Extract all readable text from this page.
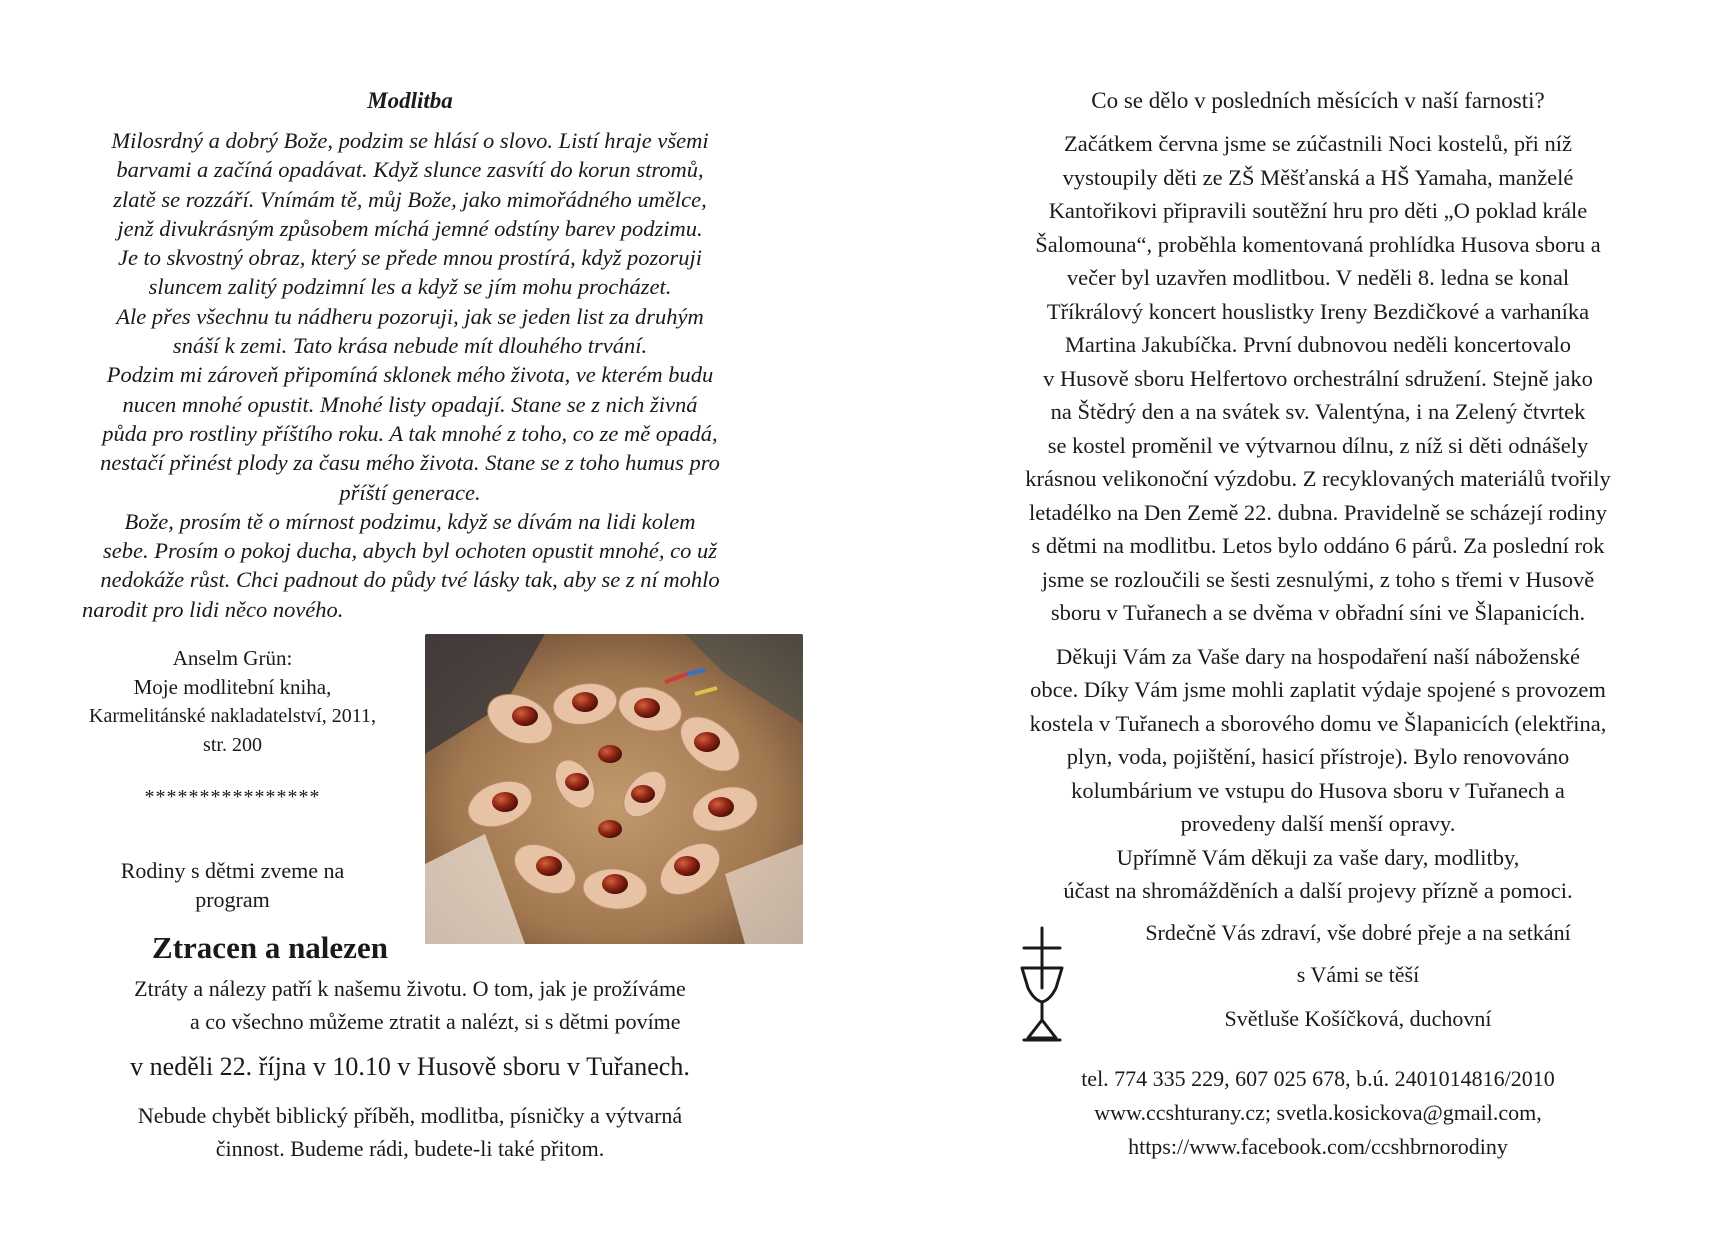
Modlitba
Milosrdný a dobrý Bože, podzim se hlásí o slovo. Listí hraje všemi
barvami a začíná opadávat. Když slunce zasvítí do korun stromů,
zlatě se rozzáří. Vnímám tě, můj Bože, jako mimořádného umělce,
jenž divukrásným způsobem míchá jemné odstíny barev podzimu.
Je to skvostný obraz, který se přede mnou prostírá, když pozoruji
sluncem zalitý podzimní les a když se jím mohu procházet.
Ale přes všechnu tu nádheru pozoruji, jak se jeden list za druhým
snáší k zemi. Tato krása nebude mít dlouhého trvání.
Podzim mi zároveň připomíná sklonek mého života, ve kterém budu
nucen mnohé opustit. Mnohé listy opadají. Stane se z nich živná
půda pro rostliny příštího roku. A tak mnohé z toho, co ze mě opadá,
nestačí přinést plody za času mého života. Stane se z toho humus pro
příští generace.
Bože, prosím tě o mírnost podzimu, když se dívám na lidi kolem
sebe. Prosím o pokoj ducha, abych byl ochoten opustit mnohé, co už
nedokáže růst. Chci padnout do půdy tvé lásky tak, aby se z ní mohlo
narodit pro lidi něco nového.
Anselm Grün:
Moje modlitební kniha,
Karmelitánské nakladatelství, 2011,
str. 200
****************
Rodiny s dětmi zveme na
program
Ztracen a nalezen
Ztráty a nálezy patří k našemu životu. O tom, jak je prožíváme
a co všechno můžeme ztratit a nalézt, si s dětmi povíme
v neděli 22. října v 10.10 v Husově sboru v Tuřanech.
Nebude chybět biblický příběh, modlitba, písničky a výtvarná
činnost. Budeme rádi, budete-li také přitom.
Co se dělo v posledních měsících v naší farnosti?
Začátkem června jsme se zúčastnili Noci kostelů, při níž
vystoupily děti ze ZŠ Měšťanská a HŠ Yamaha, manželé
Kantořikovi připravili soutěžní hru pro děti „O poklad krále
Šalomouna“, proběhla komentovaná prohlídka Husova sboru a
večer byl uzavřen modlitbou. V neděli 8. ledna se konal
Tříkrálový koncert houslistky Ireny Bezdičkové a varhaníka
Martina Jakubíčka. První dubnovou neděli koncertovalo
v Husově sboru Helfertovo orchestrální sdružení. Stejně jako
na Štědrý den a na svátek sv. Valentýna, i na Zelený čtvrtek
se kostel proměnil ve výtvarnou dílnu, z níž si děti odnášely
krásnou velikonoční výzdobu. Z recyklovaných materiálů tvořily
letadélko na Den Země 22. dubna. Pravidelně se scházejí rodiny
s dětmi na modlitbu. Letos bylo oddáno 6 párů. Za poslední rok
jsme se rozloučili se šesti zesnulými, z toho s třemi v Husově
sboru v Tuřanech a se dvěma v obřadní síni ve Šlapanicích.
Děkuji Vám za Vaše dary na hospodaření naší náboženské
obce. Díky Vám jsme mohli zaplatit výdaje spojené s provozem
kostela v Tuřanech a sborového domu ve Šlapanicích (elektřina,
plyn, voda, pojištění, hasicí přístroje). Bylo renovováno
kolumbárium ve vstupu do Husova sboru v Tuřanech a
provedeny další menší opravy.
Upřímně Vám děkuji za vaše dary, modlitby,
účast na shromážděních a další projevy přízně a pomoci.
Srdečně Vás zdraví, vše dobré přeje a na setkání
s Vámi se těší
Světluše Košíčková, duchovní
tel. 774 335 229, 607 025 678, b.ú. 2401014816/2010
www.ccshturany.cz; svetla.kosickova@gmail.com,
https://www.facebook.com/ccshbrnorodiny
